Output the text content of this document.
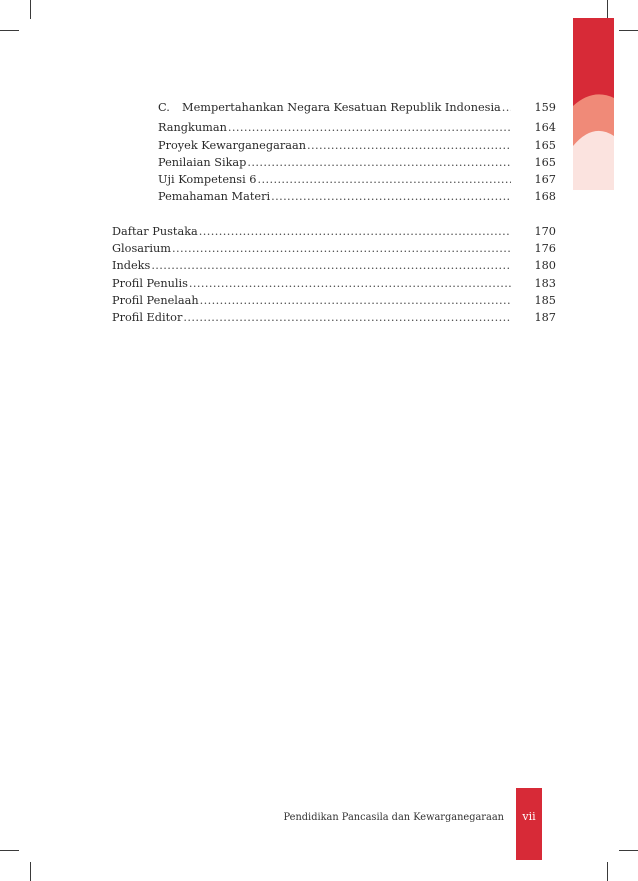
C. Mempertahankan Negara Kesatuan Republik Indonesia .....	159
Rangkuman .....	164
Proyek Kewarganegaraan .....	165
Penilaian Sikap .....	165
Uji Kompetensi 6 .....	167
Pemahaman Materi .....	168
Daftar Pustaka .....	170
Glosarium .....	176
Indeks .....	180
Profil Penulis .....	183
Profil Penelaah .....	185
Profil Editor .....	187
Pendidikan Pancasila dan Kewarganegaraan	vii
